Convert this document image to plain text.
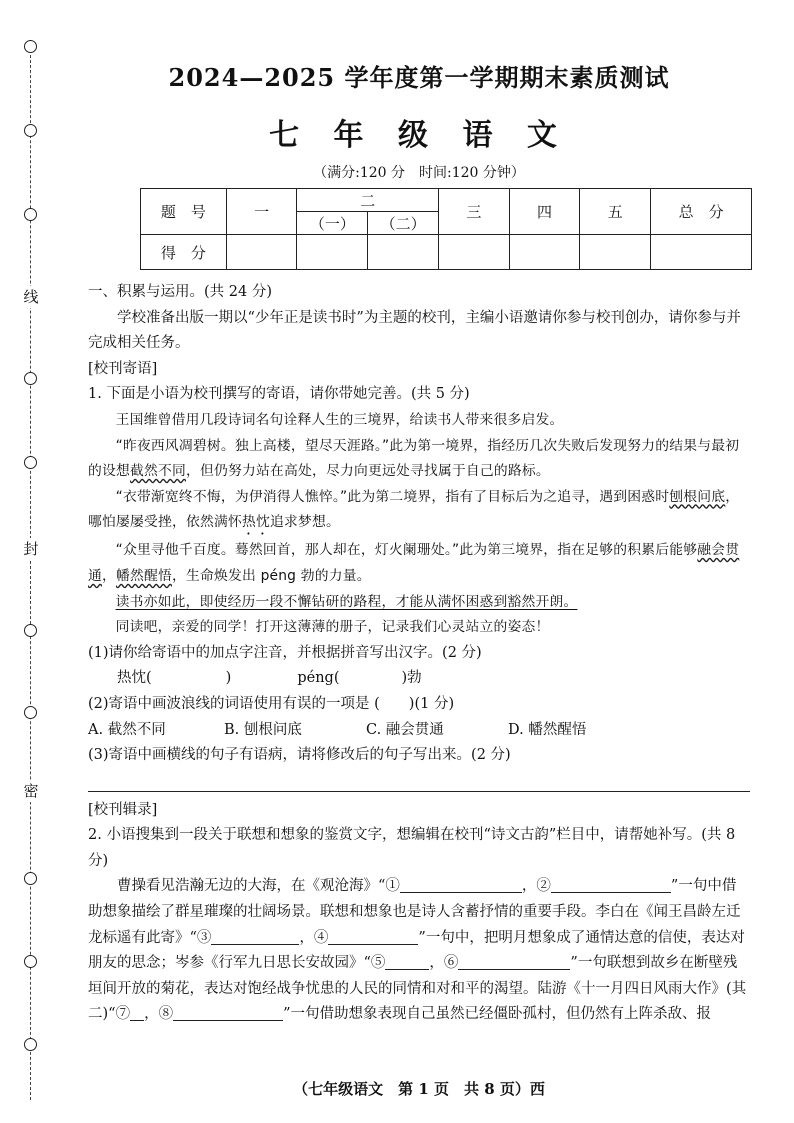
线
封
密
2024—2025 学年度第一学期期末素质测试
七 年 级 语 文
（满分:120 分　时间:120 分钟）
题　号	一	二		三	四	五	总　分
		（一）	（二）				
得　分							

一、积累与运用。(共 24 分)

学校准备出版一期以“少年正是读书时”为主题的校刊，主编小语邀请你参与校刊创办，请你参与并完成相关任务。

[校刊寄语]

1. 下面是小语为校刊撰写的寄语，请你带她完善。(共 5 分)

王国维曾借用几段诗词名句诠释人生的三境界，给读书人带来很多启发。

“昨夜西风凋碧树。独上高楼，望尽天涯路。”此为第一境界，指经历几次失败后发现努力的结果与最初的设想截然不同，但仍努力站在高处，尽力向更远处寻找属于自己的路标。

“衣带渐宽终不悔，为伊消得人憔悴。”此为第二境界，指有了目标后为之追寻，遇到困惑时刨根问底，哪怕屡屡受挫，依然满怀热忱追求梦想。

“众里寻他千百度。蓦然回首，那人却在，灯火阑珊处。”此为第三境界，指在足够的积累后能够融会贯通，幡然醒悟，生命焕发出 péng 勃的力量。

读书亦如此，即使经历一段不懈钻研的路程，才能从满怀困惑到豁然开朗。

同读吧，亲爱的同学！打开这薄薄的册子，记录我们心灵站立的姿态！

(1)请你给寄语中的加点字注音，并根据拼音写出汉字。(2 分)

热忱(	)	péng(	)勃

(2)寄语中画波浪线的词语使用有误的一项是 (　　)(1 分)

A. 截然不同	B. 刨根问底	C. 融会贯通	D. 幡然醒悟

(3)寄语中画横线的句子有语病，请将修改后的句子写出来。(2 分)

[校刊辑录]

2. 小语搜集到一段关于联想和想象的鉴赏文字，想编辑在校刊“诗文古韵”栏目中，请帮她补写。(共 8 分)

曹操看见浩瀚无边的大海，在《观沧海》“①	，②	”一句中借助想象描绘了群星璀璨的壮阔场景。联想和想象也是诗人含蓄抒情的重要手段。李白在《闻王昌龄左迁龙标遥有此寄》“③	，④	”一句中，把明月想象成了通情达意的信使，表达对朋友的思念；岑参《行军九日思长安故园》“⑤	，⑥	”一句联想到故乡在断壁残垣间开放的菊花，表达对饱经战争忧患的人民的同情和对和平的渴望。陆游《十一月四日风雨大作》(其二)“⑦ ，⑧	”一句借助想象表现自己虽然已经僵卧孤村，但仍然有上阵杀敌、报

（七年级语文　第 1 页　共 8 页）西
